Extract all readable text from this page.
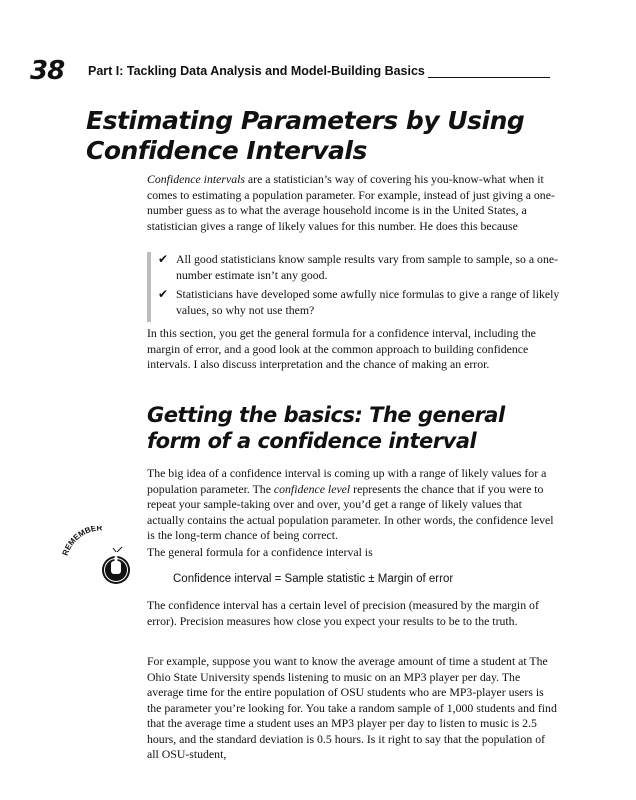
38 Part I: Tackling Data Analysis and Model-Building Basics
Estimating Parameters by Using
Confidence Intervals

Confidence intervals are a statistician’s way of covering his you-know-what when it comes to estimating a population parameter. For example, instead of just giving a one-number guess as to what the average household income is in the United States, a statistician gives a range of likely values for this number. He does this because

✔ All good statisticians know sample results vary from sample to sample, so a one-number estimate isn’t any good.
✔ Statisticians have developed some awfully nice formulas to give a range of likely values, so why not use them?

In this section, you get the general formula for a confidence interval, including the margin of error, and a good look at the common approach to building confidence intervals. I also discuss interpretation and the chance of making an error.

Getting the basics: The general
form of a confidence interval

The big idea of a confidence interval is coming up with a range of likely values for a population parameter. The confidence level represents the chance that if you were to repeat your sample-taking over and over, you’d get a range of likely values that actually contains the actual population parameter. In other words, the confidence level is the long-term chance of being correct.

REMEMBER

The general formula for a confidence interval is

Confidence interval = Sample statistic ± Margin of error

The confidence interval has a certain level of precision (measured by the margin of error). Precision measures how close you expect your results to be to the truth.

For example, suppose you want to know the average amount of time a student at The Ohio State University spends listening to music on an MP3 player per day. The average time for the entire population of OSU students who are MP3-player users is the parameter you’re looking for. You take a random sample of 1,000 students and find that the average time a student uses an MP3 player per day to listen to music is 2.5 hours, and the standard deviation is 0.5 hours. Is it right to say that the population of all OSU-student,
